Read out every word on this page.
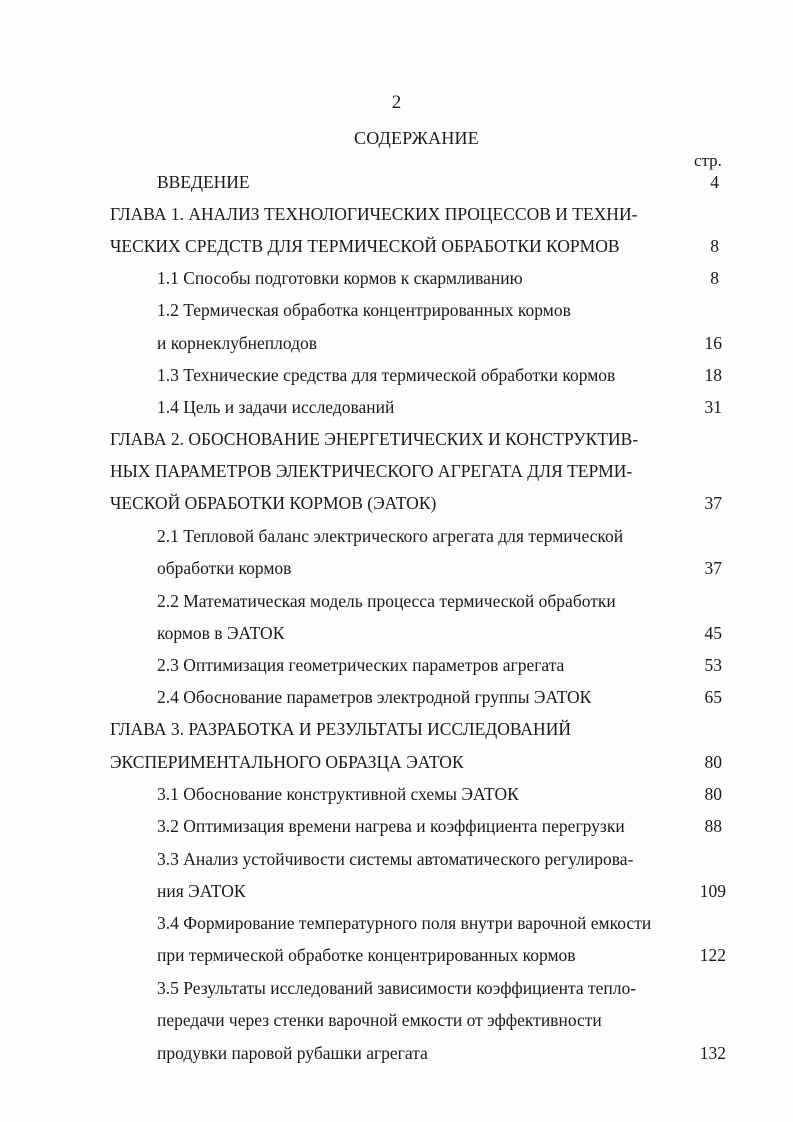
2
СОДЕРЖАНИЕ
стр.
ВВЕДЕНИЕ	4
ГЛАВА 1. АНАЛИЗ ТЕХНОЛОГИЧЕСКИХ ПРОЦЕССОВ И ТЕХНИ-
ЧЕСКИХ СРЕДСТВ ДЛЯ ТЕРМИЧЕСКОЙ ОБРАБОТКИ КОРМОВ	8
1.1 Способы подготовки кормов к скармливанию	8
1.2 Термическая обработка концентрированных кормов
и корнеклубнеплодов	16
1.3 Технические средства для термической обработки кормов	18
1.4 Цель и задачи исследований	31
ГЛАВА 2. ОБОСНОВАНИЕ ЭНЕРГЕТИЧЕСКИХ И КОНСТРУКТИВ-
НЫХ ПАРАМЕТРОВ ЭЛЕКТРИЧЕСКОГО АГРЕГАТА ДЛЯ ТЕРМИ-
ЧЕСКОЙ ОБРАБОТКИ КОРМОВ (ЭАТОК)	37
2.1 Тепловой баланс электрического агрегата для термической
обработки кормов	37
2.2 Математическая модель процесса термической обработки
кормов в ЭАТОК	45
2.3 Оптимизация геометрических параметров агрегата	53
2.4 Обоснование параметров электродной группы ЭАТОК	65
ГЛАВА 3. РАЗРАБОТКА И РЕЗУЛЬТАТЫ ИССЛЕДОВАНИЙ
ЭКСПЕРИМЕНТАЛЬНОГО ОБРАЗЦА ЭАТОК	80
3.1 Обоснование конструктивной схемы ЭАТОК	80
3.2 Оптимизация времени нагрева и коэффициента перегрузки	88
3.3 Анализ устойчивости системы автоматического регулирова-
ния ЭАТОК	109
3.4 Формирование температурного поля внутри варочной емкости
при термической обработке концентрированных кормов	122
3.5 Результаты исследований зависимости коэффициента тепло-
передачи через стенки варочной емкости от эффективности
продувки паровой рубашки агрегата	132
